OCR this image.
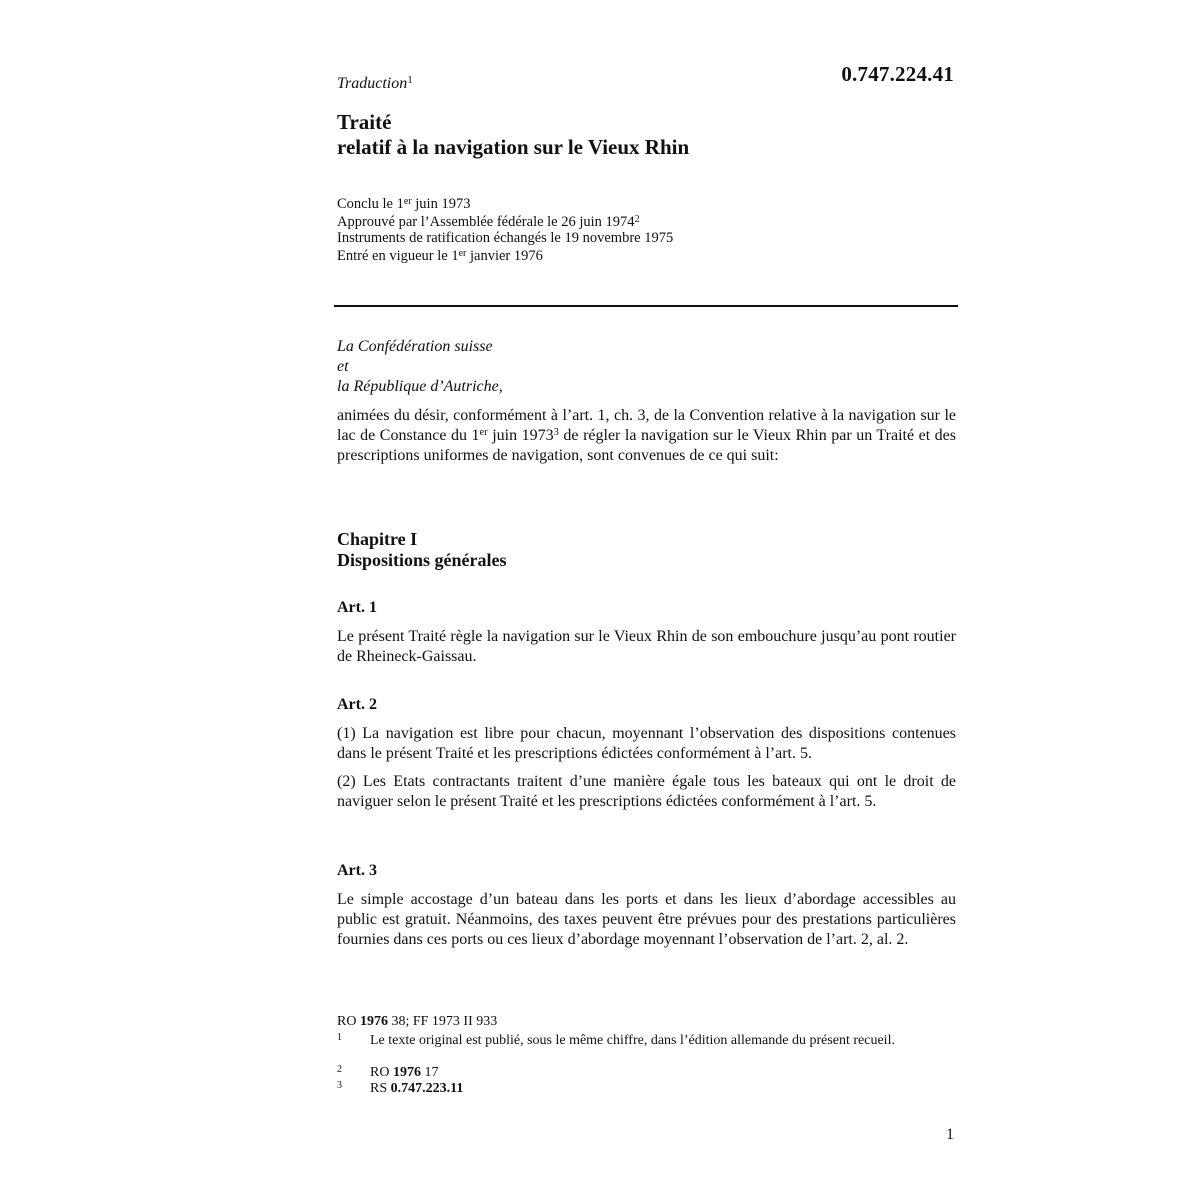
Traduction$^1$	0.747.224.41
Traité
relatif à la navigation sur le Vieux Rhin
Conclu le 1er juin 1973
Approuvé par l’Assemblée fédérale le 26 juin 1974$^2$
Instruments de ratification échangés le 19 novembre 1975
Entré en vigueur le 1er janvier 1976
La Confédération suisse
et
la République d’Autriche,
animées du désir, conformément à l’art. 1, ch. 3, de la Convention relative à la navigation sur le lac de Constance du 1er juin 1973$^3$ de régler la navigation sur le Vieux Rhin par un Traité et des prescriptions uniformes de navigation, sont convenues de ce qui suit:
Chapitre I
Dispositions générales
Art. 1

Le présent Traité règle la navigation sur le Vieux Rhin de son embouchure jusqu’au pont routier de Rheineck-Gaissau.

Art. 2

(1) La navigation est libre pour chacun, moyennant l’observation des dispositions contenues dans le présent Traité et les prescriptions édictées conformément à l’art. 5.

(2) Les Etats contractants traitent d’une manière égale tous les bateaux qui ont le droit de naviguer selon le présent Traité et les prescriptions édictées conformément à l’art. 5.

Art. 3

Le simple accostage d’un bateau dans les ports et dans les lieux d’abordage accessibles au public est gratuit. Néanmoins, des taxes peuvent être prévues pour des prestations particulières fournies dans ces ports ou ces lieux d’abordage moyennant l’observation de l’art. 2, al. 2.

RO 1976 38; FF 1973 II 933
1 Le texte original est publié, sous le même chiffre, dans l’édition allemande du présent recueil.
2 RO 1976 17
3 RS 0.747.223.11
1
